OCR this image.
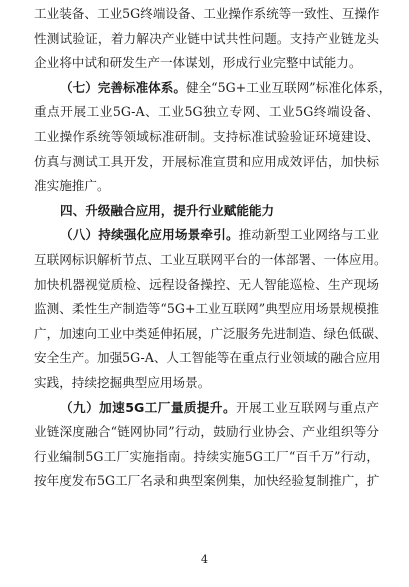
工业装备、工业5G终端设备、工业操作系统等一致性、互操作
性测试验证，着力解决产业链中试共性问题。支持产业链龙头
企业将中试和研发生产一体谋划，形成行业完整中试能力。
（七）完善标准体系。健全“5G+工业互联网”标准化体系，
重点开展工业5G-A、工业5G独立专网、工业5G终端设备、
工业操作系统等领域标准研制。支持标准试验验证环境建设、
仿真与测试工具开发，开展标准宣贯和应用成效评估，加快标
准实施推广。
四、升级融合应用，提升行业赋能能力
（八）持续强化应用场景牵引。推动新型工业网络与工业
互联网标识解析节点、工业互联网平台的一体部署、一体应用。
加快机器视觉质检、远程设备操控、无人智能巡检、生产现场
监测、柔性生产制造等“5G+工业互联网”典型应用场景规模推
广，加速向工业中类延伸拓展，广泛服务先进制造、绿色低碳、
安全生产。加强5G-A、人工智能等在重点行业领域的融合应用
实践，持续挖掘典型应用场景。
（九）加速5G工厂量质提升。开展工业互联网与重点产
业链深度融合“链网协同”行动，鼓励行业协会、产业组织等分
行业编制5G工厂实施指南。持续实施5G工厂“百千万”行动，
按年度发布5G工厂名录和典型案例集，加快经验复制推广，扩
4
